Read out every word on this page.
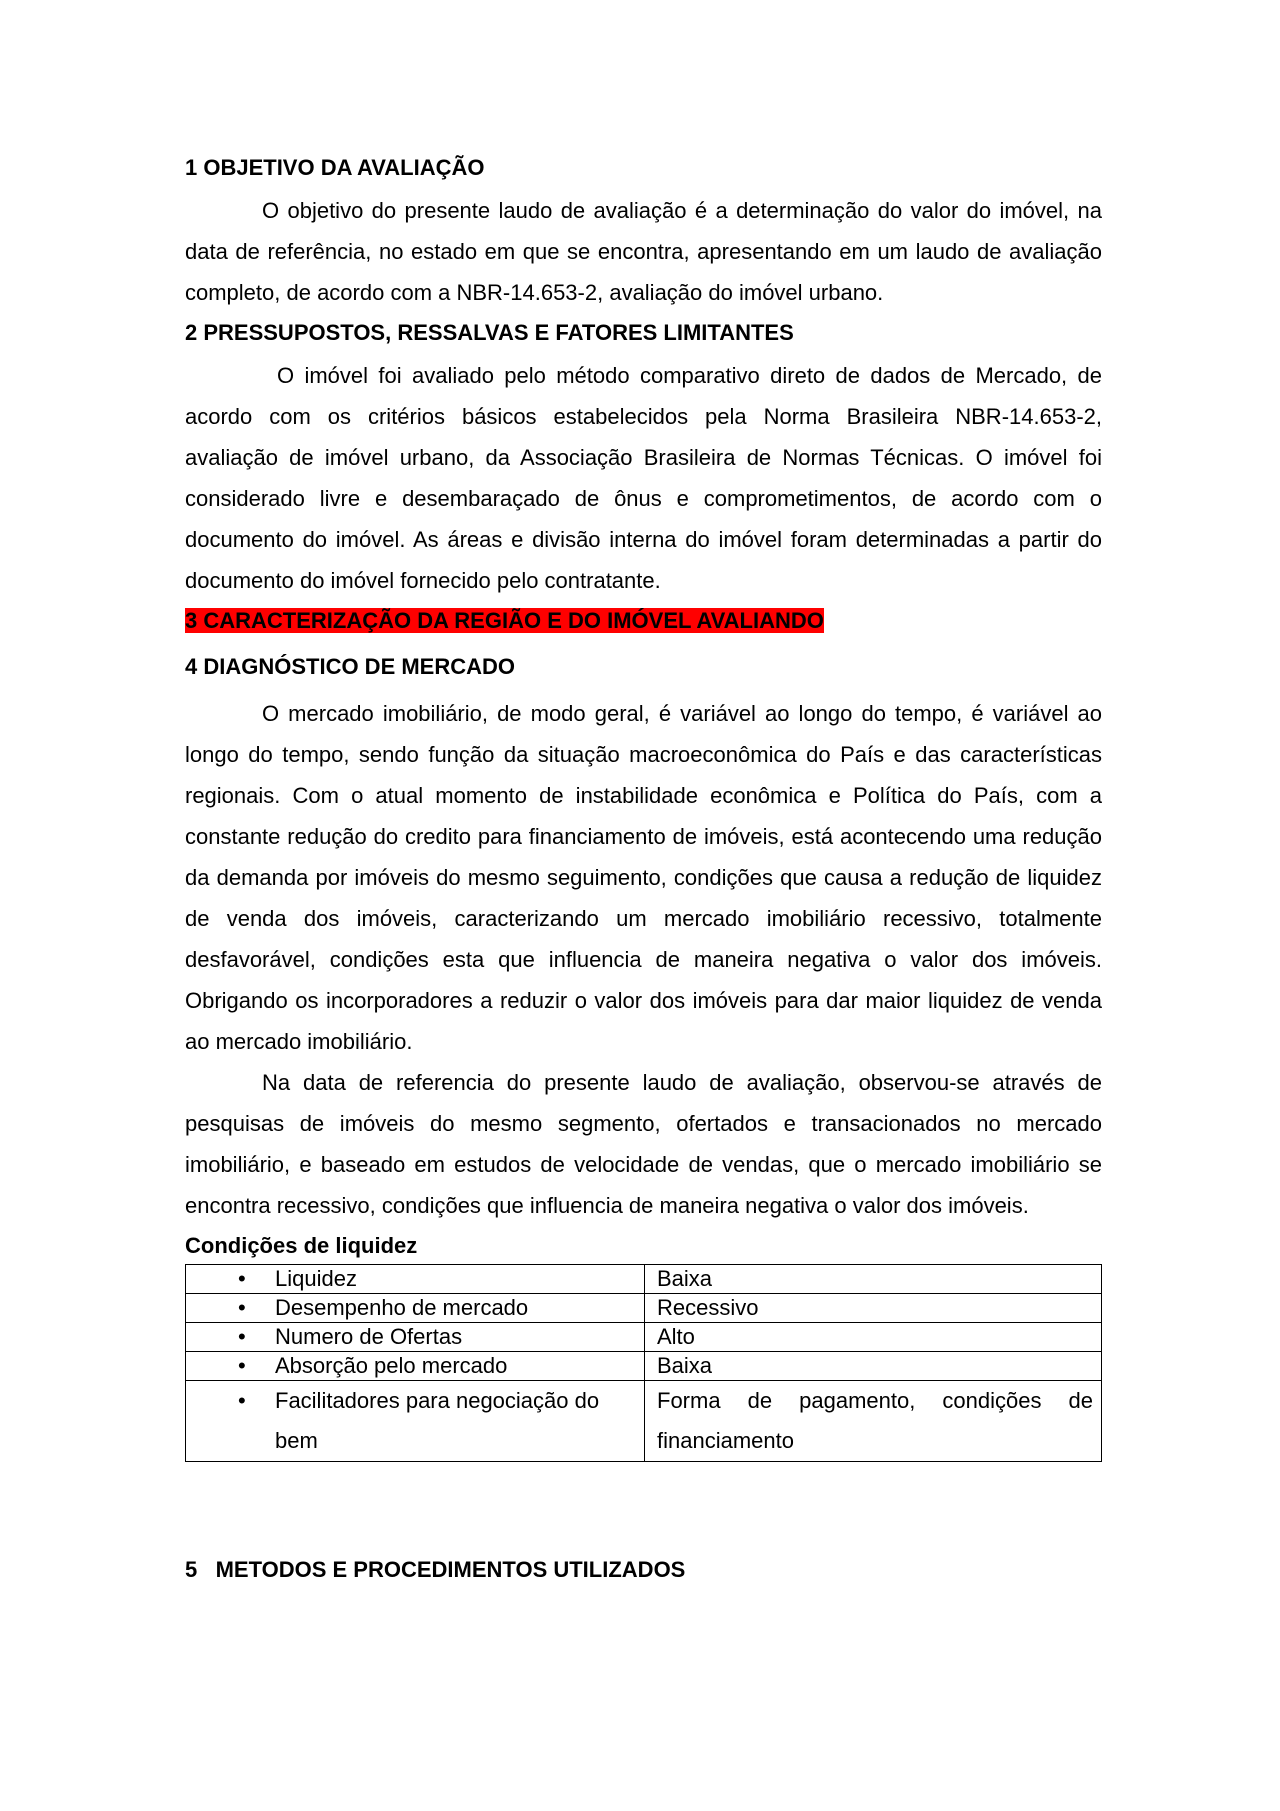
1 OBJETIVO DA AVALIAÇÃO

O objetivo do presente laudo de avaliação é a determinação do valor do imóvel, na data de referência, no estado em que se encontra, apresentando em um laudo de avaliação completo, de acordo com a NBR-14.653-2, avaliação do imóvel urbano.

2 PRESSUPOSTOS, RESSALVAS E FATORES LIMITANTES

O imóvel foi avaliado pelo método comparativo direto de dados de Mercado, de acordo com os critérios básicos estabelecidos pela Norma Brasileira NBR-14.653-2, avaliação de imóvel urbano, da Associação Brasileira de Normas Técnicas. O imóvel foi considerado livre e desembaraçado de ônus e comprometimentos, de acordo com o documento do imóvel. As áreas e divisão interna do imóvel foram determinadas a partir do documento do imóvel fornecido pelo contratante.

3 CARACTERIZAÇÃO DA REGIÃO E DO IMÓVEL AVALIANDO
4 DIAGNÓSTICO DE MERCADO

O mercado imobiliário, de modo geral, é variável ao longo do tempo, é variável ao longo do tempo, sendo função da situação macroeconômica do País e das características regionais. Com o atual momento de instabilidade econômica e Política do País, com a constante redução do credito para financiamento de imóveis, está acontecendo uma redução da demanda por imóveis do mesmo seguimento, condições que causa a redução de liquidez de venda dos imóveis, caracterizando um mercado imobiliário recessivo, totalmente desfavorável, condições esta que influencia de maneira negativa o valor dos imóveis. Obrigando os incorporadores a reduzir o valor dos imóveis para dar maior liquidez de venda ao mercado imobiliário.

Na data de referencia do presente laudo de avaliação, observou-se através de pesquisas de imóveis do mesmo segmento, ofertados e transacionados no mercado imobiliário, e baseado em estudos de velocidade de vendas, que o mercado imobiliário se encontra recessivo, condições que influencia de maneira negativa o valor dos imóveis.

Condições de liquidez
• Liquidez	Baixa

• Desempenho de mercado	Recessivo

• Numero de Ofertas	Alto

• Absorção pelo mercado	Baixa

• Facilitadores para negociação do bem	Forma de pagamento, condições de financiamento
5   METODOS E PROCEDIMENTOS UTILIZADOS
